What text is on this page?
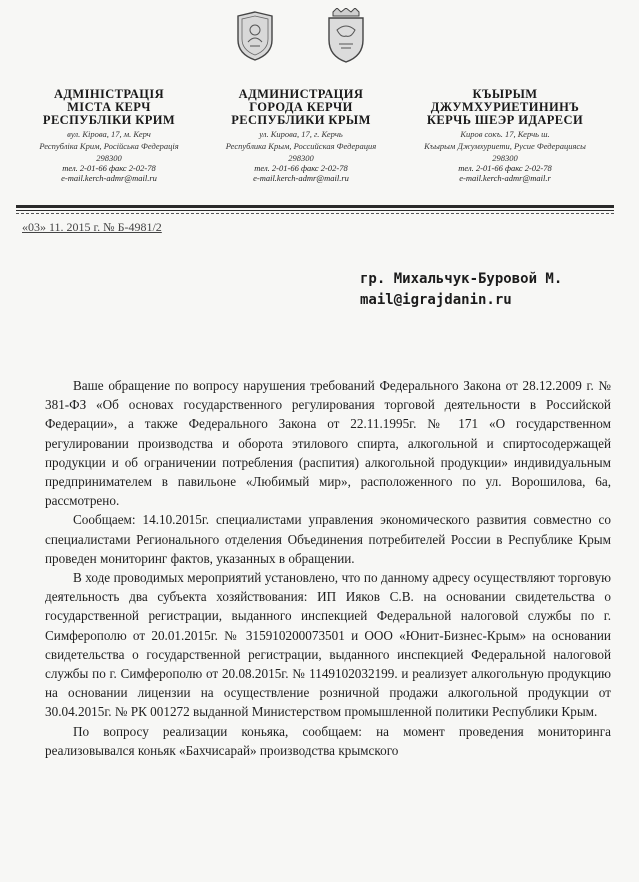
АДМІНІСТРАЦІЯ
МІСТА КЕРЧ
РЕСПУБЛІКИ КРИМ
вул. Кірова, 17, м. Керч
Республіка Крим, Російська Федерація
298300
тел. 2-01-66 факс 2-02-78
e-mail.kerch-admr@mail.ru
АДМИНИСТРАЦИЯ
ГОРОДА КЕРЧИ
РЕСПУБЛИКИ КРЫМ
ул. Кирова, 17, г. Керчь
Республика Крым, Российская Федерация
298300
тел. 2-01-66 факс 2-02-78
e-mail.kerch-admr@mail.ru
КЪЫРЫМ
ДЖУМХУРИЕТИНИНЪ
КЕРЧЬ ШЕЭР ИДАРЕСИ
Киров сокъ. 17, Керчь ш.
Къырым Джумхуриети, Русие Федерациясы
298300
тел. 2-01-66 факс 2-02-78
e-mail.kerch-admr@mail.r
«03» 11. 2015 г. № Б-4981/2
гр. Михальчук-Буровой М.
mail@igrajdanin.ru

Ваше обращение по вопросу нарушения требований Федерального Закона от 28.12.2009 г. № 381-ФЗ «Об основах государственного регулирования торговой деятельности в Российской Федерации», а также Федерального Закона от 22.11.1995г. № 171 «О государственном регулировании производства и оборота этилового спирта, алкогольной и спиртосодержащей продукции и об ограничении потребления (распития) алкогольной продукции» индивидуальным предпринимателем в павильоне «Любимый мир», расположенного по ул. Ворошилова, 6а, рассмотрено.

Сообщаем: 14.10.2015г. специалистами управления экономического развития совместно со специалистами Регионального отделения Объединения потребителей России в Республике Крым проведен мониторинг фактов, указанных в обращении.

В ходе проводимых мероприятий установлено, что по данному адресу осуществляют торговую деятельность два субъекта хозяйствования: ИП Ияков С.В. на основании свидетельства о государственной регистрации, выданного инспекцией Федеральной налоговой службы по г. Симферополю от 20.01.2015г. № 315910200073501 и ООО «Юнит-Бизнес-Крым» на основании свидетельства о государственной регистрации, выданного инспекцией Федеральной налоговой службы по г. Симферополю от 20.08.2015г. № 1149102032199. и реализует алкогольную продукцию на основании лицензии на осуществление розничной продажи алкогольной продукции от 30.04.2015г. № РК 001272 выданной Министерством промышленной политики Республики Крым.

По вопросу реализации коньяка, сообщаем: на момент проведения мониторинга реализовывался коньяк «Бахчисарай» производства крымского
